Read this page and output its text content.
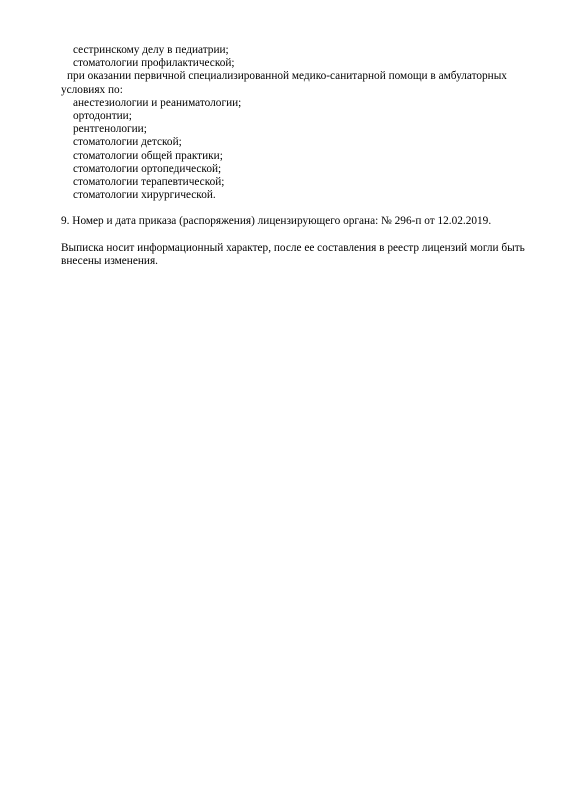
сестринскому делу в педиатрии;
стоматологии профилактической;
при оказании первичной специализированной медико-санитарной помощи в амбулаторных
условиях по:
анестезиологии и реаниматологии;
ортодонтии;
рентгенологии;
стоматологии детской;
стоматологии общей практики;
стоматологии ортопедической;
стоматологии терапевтической;
стоматологии хирургической.
9. Номер и дата приказа (распоряжения) лицензирующего органа: № 296-п от 12.02.2019.
Выписка носит информационный характер, после ее составления в реестр лицензий могли быть
внесены изменения.
